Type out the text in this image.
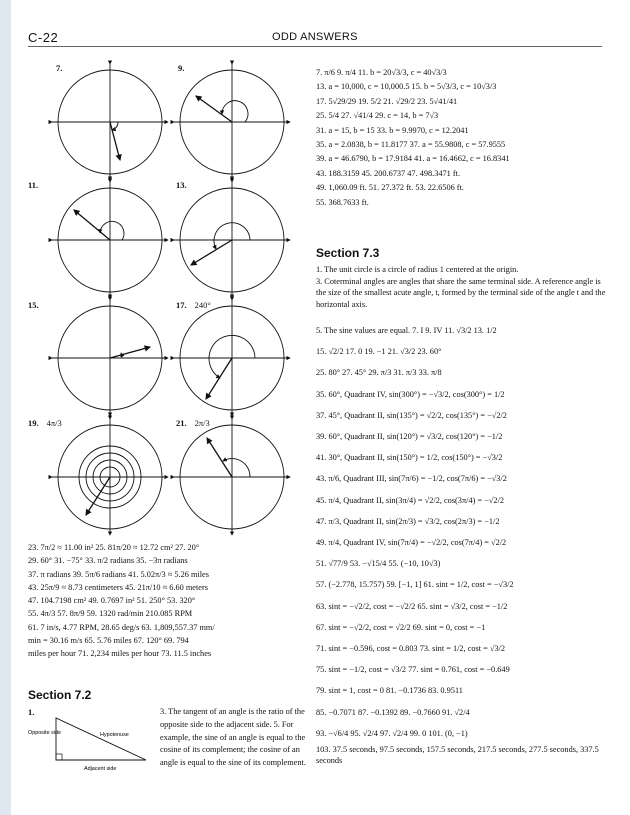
C-22	ODD ANSWERS
7.	9.
11.	13.
15.	17. 240°
19. 4π/3	21. 2π/3

23. 7π/2 ≈ 11.00 in² 25. 81π/20 ≈ 12.72 cm² 27. 20°

29. 60° 31. −75° 33. π/2 radians 35. −3π radians

37. π radians 39. 5π/6 radians 41. 5.02π/3 ≈ 5.26 miles

43. 25π/9 ≈ 8.73 centimeters 45. 21π/10 ≈ 6.60 meters

47. 104.7198 cm² 49. 0.7697 in² 51. 250° 53. 320°

55. 4π/3 57. 8π/9 59. 1320 rad/min 210.085 RPM

61. 7 in/s, 4.77 RPM, 28.65 deg/s 63. 1,809,557.37 mm/

min = 30.16 m/s 65. 5.76 miles 67. 120° 69. 794

miles per hour 71. 2,234 miles per hour 73. 11.5 inches

Section 7.2
1.
Hypotenuse
Opposite side
Adjacent side

3. The tangent of an angle is the ratio of the opposite side to the adjacent side. 5. For example, the sine of an angle is equal to the cosine of its complement; the cosine of an angle is equal to the sine of its complement.

7. π/6 9. π/4 11. b = 20√3/3, c = 40√3/3

13. a = 10,000, c = 10,000.5 15. b = 5√3/3, c = 10√3/3

17. 5√29/29 19. 5/2 21. √29/2 23. 5√41/41

25. 5/4 27. √41/4 29. c = 14, b = 7√3

31. a = 15, b = 15 33. b = 9.9970, c = 12.2041

35. a = 2.0838, b = 11.8177 37. a = 55.9808, c = 57.9555

39. a = 46.6790, b = 17.9184 41. a = 16.4662, c = 16.8341

43. 188.3159 45. 200.6737 47. 498.3471 ft.

49. 1,060.09 ft. 51. 27.372 ft. 53. 22.6506 ft.

55. 368.7633 ft.

Section 7.3

1. The unit circle is a circle of radius 1 centered at the origin.

3. Coterminal angles are angles that share the same terminal side. A reference angle is the size of the smallest acute angle, t, formed by the terminal side of the angle t and the horizontal axis.

5. The sine values are equal. 7. I 9. IV 11. √3/2 13. 1/2

15. √2/2 17. 0 19. −1 21. √3/2 23. 60°

25. 80° 27. 45° 29. π/3 31. π/3 33. π/8

35. 60°, Quadrant IV, sin(300°) = −√3/2, cos(300°) = 1/2

37. 45°, Quadrant II, sin(135°) = √2/2, cos(135°) = −√2/2

39. 60°, Quadrant II, sin(120°) = √3/2, cos(120°) = −1/2

41. 30°, Quadrant II, sin(150°) = 1/2, cos(150°) = −√3/2

43. π/6, Quadrant III, sin(7π/6) = −1/2, cos(7π/6) = −√3/2

45. π/4, Quadrant II, sin(3π/4) = √2/2, cos(3π/4) = −√2/2

47. π/3, Quadrant II, sin(2π/3) = √3/2, cos(2π/3) = −1/2

49. π/4, Quadrant IV, sin(7π/4) = −√2/2, cos(7π/4) = √2/2

51. √77/9 53. −√15/4 55. (−10, 10√3)

57. (−2.778, 15.757) 59. [−1, 1] 61. sint = 1/2, cost = −√3/2

63. sint = −√2/2, cost = −√2/2 65. sint = √3/2, cost = −1/2

67. sint = −√2/2, cost = √2/2 69. sint = 0, cost = −1

71. sint = −0.596, cost = 0.803 73. sint = 1/2, cost = √3/2

75. sint = −1/2, cost = √3/2 77. sint = 0.761, cost = −0.649

79. sint = 1, cost = 0 81. −0.1736 83. 0.9511

85. −0.7071 87. −0.1392 89. −0.7660 91. √2/4

93. −√6/4 95. √2/4 97. √2/4 99. 0 101. (0, −1)

103. 37.5 seconds, 97.5 seconds, 157.5 seconds, 217.5 seconds, 277.5 seconds, 337.5 seconds
